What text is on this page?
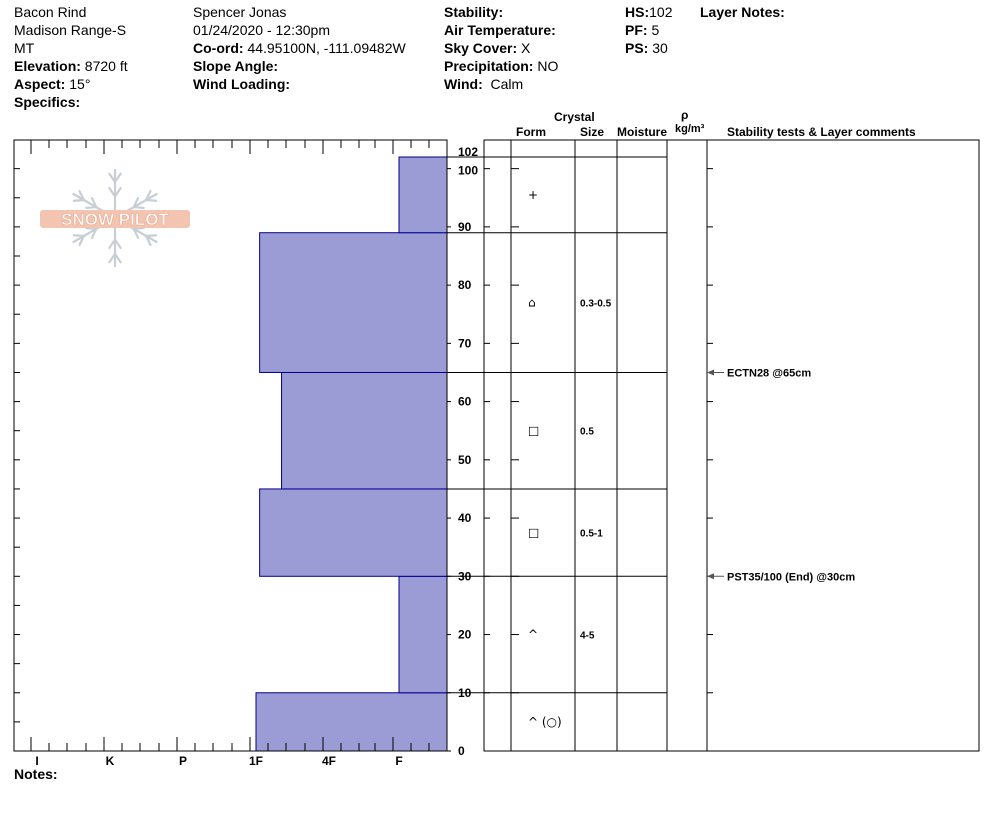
Bacon Rind
Madison Range-S
MT
Elevation: 8720 ft
Aspect: 15°
Specifics:
Spencer Jonas
01/24/2020 - 12:30pm
Co-ord: 44.95100N, -111.09482W
Slope Angle:
Wind Loading:
Stability:
Air Temperature:
Sky Cover: X
Precipitation: NO
Wind: Calm
HS:102
PF: 5
PS: 30
Layer Notes:
Crystal
Form	Size Moisture
ρ
kg/m³ Stability tests & Layer comments
Notes:
SNOW PILOT
0
10
20
30
40
50
60
70
80
90
100
102
I	K	P	1F	4F	F
^ (○)
^	4-5
□	0.5-1
□	0.5
⌂	0.3-0.5
+
ECTN28 @65cm
PST35/100 (End) @30cm
